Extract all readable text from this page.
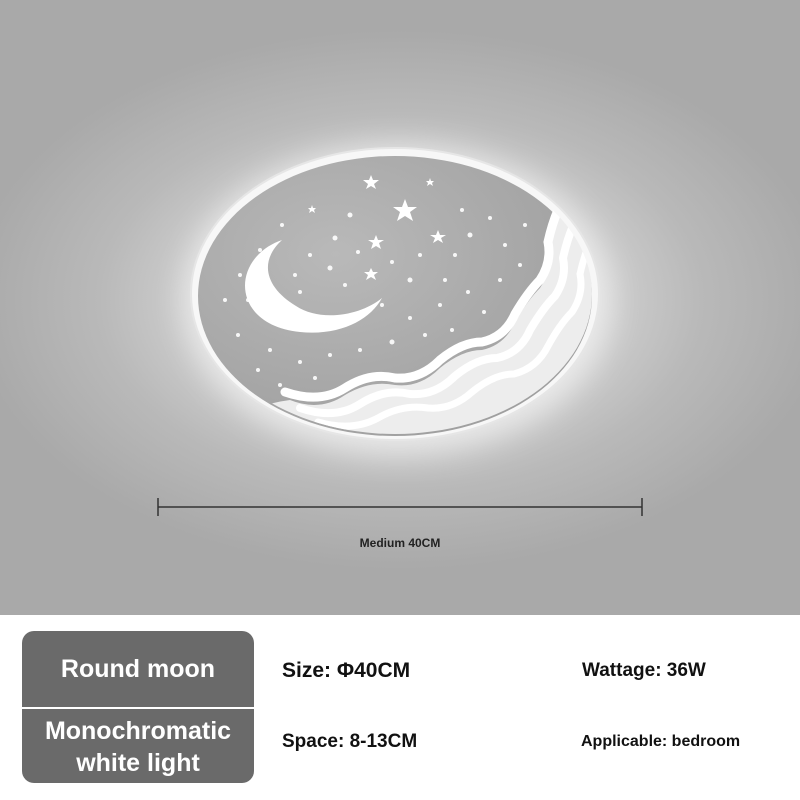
Medium 40CM
Round moon
Monochromatic
white light
Size: Φ40CM	Wattage: 36W
Space: 8-13CM	Applicable: bedroom
